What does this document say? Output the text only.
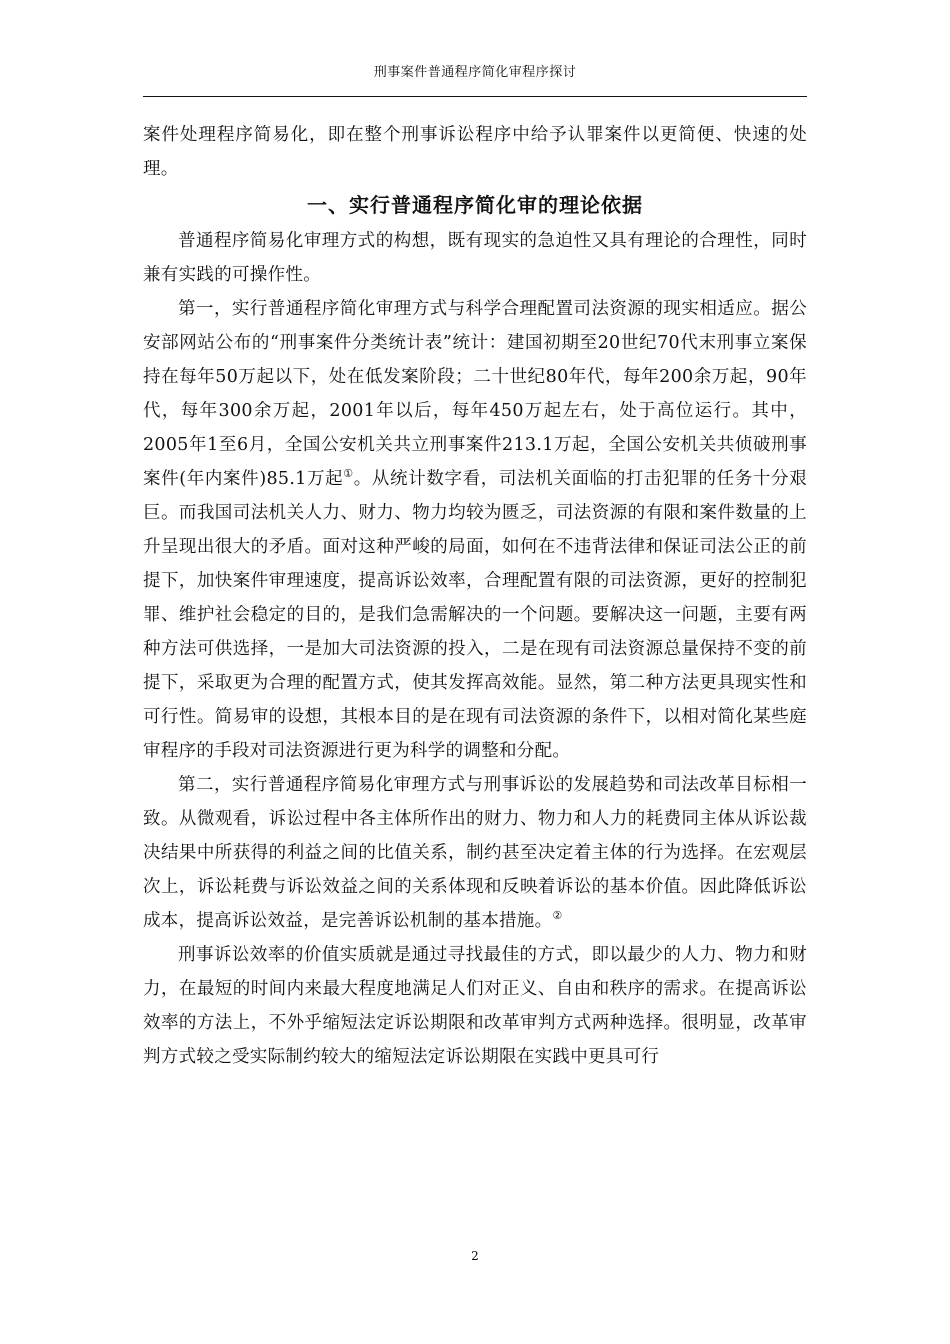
刑事案件普通程序简化审程序探讨

案件处理程序简易化，即在整个刑事诉讼程序中给予认罪案件以更简便、快速的处理。

一、实行普通程序简化审的理论依据

普通程序简易化审理方式的构想，既有现实的急迫性又具有理论的合理性，同时兼有实践的可操作性。

第一，实行普通程序简化审理方式与科学合理配置司法资源的现实相适应。据公安部网站公布的“刑事案件分类统计表”统计：建国初期至20世纪70代末刑事立案保持在每年50万起以下，处在低发案阶段；二十世纪80年代，每年200余万起，90年代，每年300余万起，2001年以后，每年450万起左右，处于高位运行。其中，2005年1至6月，全国公安机关共立刑事案件213.1万起，全国公安机关共侦破刑事案件(年内案件)85.1万起①。从统计数字看，司法机关面临的打击犯罪的任务十分艰巨。而我国司法机关人力、财力、物力均较为匮乏，司法资源的有限和案件数量的上升呈现出很大的矛盾。面对这种严峻的局面，如何在不违背法律和保证司法公正的前提下，加快案件审理速度，提高诉讼效率，合理配置有限的司法资源，更好的控制犯罪、维护社会稳定的目的，是我们急需解决的一个问题。要解决这一问题，主要有两种方法可供选择，一是加大司法资源的投入，二是在现有司法资源总量保持不变的前提下，采取更为合理的配置方式，使其发挥高效能。显然，第二种方法更具现实性和可行性。简易审的设想，其根本目的是在现有司法资源的条件下，以相对简化某些庭审程序的手段对司法资源进行更为科学的调整和分配。

第二，实行普通程序简易化审理方式与刑事诉讼的发展趋势和司法改革目标相一致。从微观看，诉讼过程中各主体所作出的财力、物力和人力的耗费同主体从诉讼裁决结果中所获得的利益之间的比值关系，制约甚至决定着主体的行为选择。在宏观层次上，诉讼耗费与诉讼效益之间的关系体现和反映着诉讼的基本价值。因此降低诉讼成本，提高诉讼效益，是完善诉讼机制的基本措施。②

刑事诉讼效率的价值实质就是通过寻找最佳的方式，即以最少的人力、物力和财力，在最短的时间内来最大程度地满足人们对正义、自由和秩序的需求。在提高诉讼效率的方法上，不外乎缩短法定诉讼期限和改革审判方式两种选择。很明显，改革审判方式较之受实际制约较大的缩短法定诉讼期限在实践中更具可行

2
